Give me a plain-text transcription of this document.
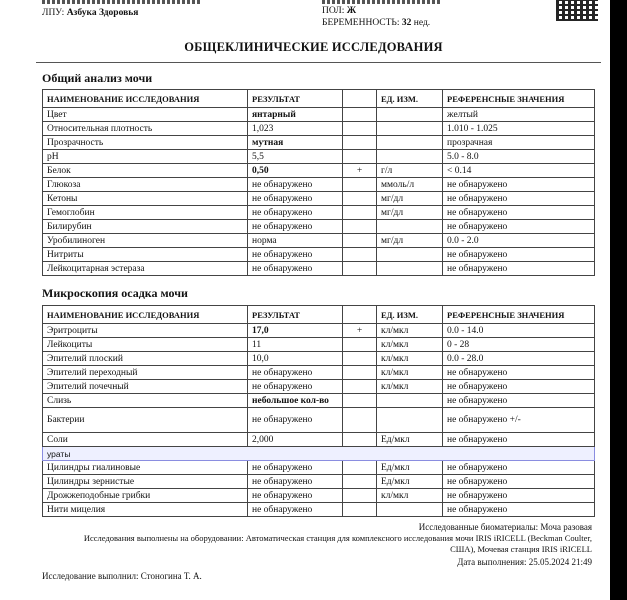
ЛПУ: Азбука Здоровья	ПОЛ: Ж
БЕРЕМЕННОСТЬ: 32 нед.
ОБЩЕКЛИНИЧЕСКИЕ ИССЛЕДОВАНИЯ
Общий анализ мочи
НАИМЕНОВАНИЕ ИССЛЕДОВАНИЯ	РЕЗУЛЬТАТ		ЕД. ИЗМ.	РЕФЕРЕНСНЫЕ ЗНАЧЕНИЯ
Цвет	янтарный			желтый
Относительная плотность	1,023			1.010 - 1.025
Прозрачность	мутная			прозрачная
pH	5,5			5.0 - 8.0
Белок	0,50	+	г/л	< 0.14
Глюкоза	не обнаружено		ммоль/л	не обнаружено
Кетоны	не обнаружено		мг/дл	не обнаружено
Гемоглобин	не обнаружено		мг/дл	не обнаружено
Билирубин	не обнаружено			не обнаружено
Уробилиноген	норма		мг/дл	0.0 - 2.0
Нитриты	не обнаружено			не обнаружено
Лейкоцитарная эстераза	не обнаружено			не обнаружено
Микроскопия осадка мочи
НАИМЕНОВАНИЕ ИССЛЕДОВАНИЯ	РЕЗУЛЬТАТ		ЕД. ИЗМ.	РЕФЕРЕНСНЫЕ ЗНАЧЕНИЯ
Эритроциты	17,0	+	кл/мкл	0.0 - 14.0
Лейкоциты	11		кл/мкл	0 - 28
Эпителий плоский	10,0		кл/мкл	0.0 - 28.0
Эпителий переходный	не обнаружено		кл/мкл	не обнаружено
Эпителий почечный	не обнаружено		кл/мкл	не обнаружено
Слизь	небольшое кол-во			не обнаружено
Бактерии	не обнаружено			не обнаружено +/-
Соли	2,000		Ед/мкл	не обнаружено
ураты				
Цилиндры гиалиновые	не обнаружено		Ед/мкл	не обнаружено
Цилиндры зернистые	не обнаружено		Ед/мкл	не обнаружено
Дрожжеподобные грибки	не обнаружено		кл/мкл	не обнаружено
Нити мицелия	не обнаружено			не обнаружено
Исследованные биоматериалы: Моча разовая
Исследования выполнены на оборудовании: Автоматическая станция для комплексного исследования мочи IRIS iRICELL (Beckman Coulter,
США), Мочевая станция IRIS iRICELL
Дата выполнения: 25.05.2024 21:49
Исследование выполнил: Стоногина Т. А.
